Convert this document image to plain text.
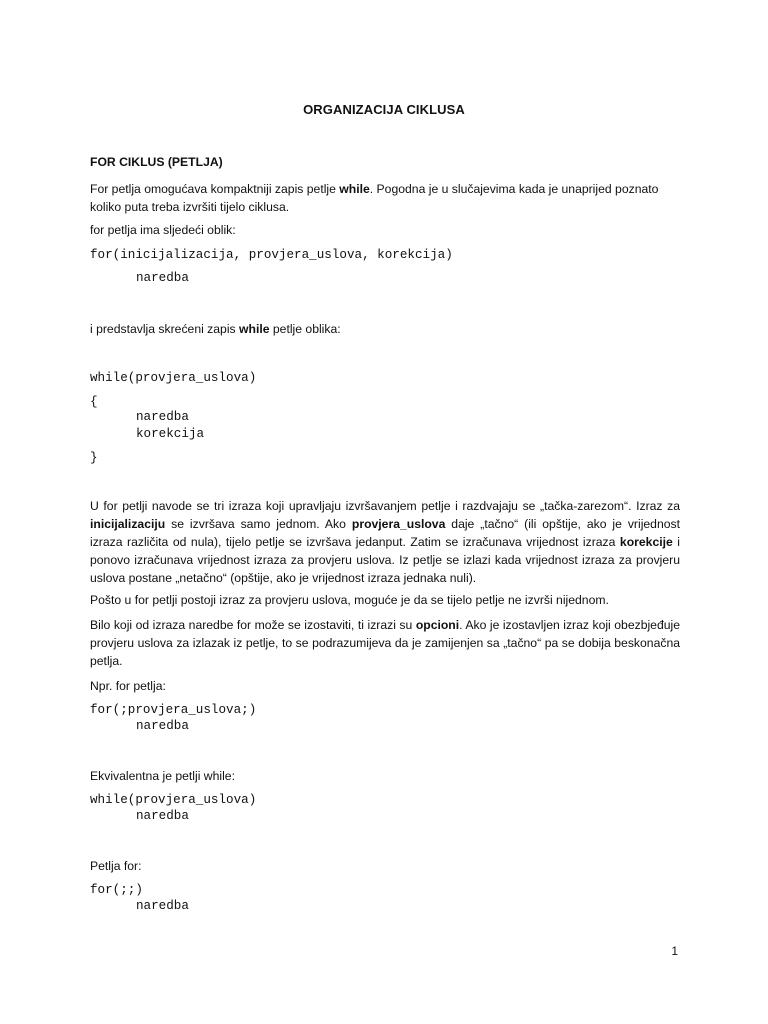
ORGANIZACIJA CIKLUSA

FOR CIKLUS (PETLJA)

For petlja omogućava kompaktniji zapis petlje while. Pogodna je u slučajevima kada je unaprijed poznato koliko puta treba izvršiti tijelo ciklusa.

for petlja ima sljedeći oblik:

for(inicijalizacija, provjera_uslova, korekcija)
naredba

i predstavlja skrećeni zapis while petlje oblika:

while(provjera_uslova)
{
naredba
korekcija
}

U for petlji navode se tri izraza koji upravljaju izvršavanjem petlje i razdvajaju se „tačka-zarezom“. Izraz za inicijalizaciju se izvršava samo jednom. Ako provjera_uslova daje „tačno“ (ili opštije, ako je vrijednost izraza različita od nula), tijelo petlje se izvršava jedanput. Zatim se izračunava vrijednost izraza korekcije i ponovo izračunava vrijednost izraza za provjeru uslova. Iz petlje se izlazi kada vrijednost izraza za provjeru uslova postane „netačno“ (opštije, ako je vrijednost izraza jednaka nuli).

Pošto u for petlji postoji izraz za provjeru uslova, moguće je da se tijelo petlje ne izvrši nijednom.

Bilo koji od izraza naredbe for može se izostaviti, ti izrazi su opcioni. Ako je izostavljen izraz koji obezbjeđuje provjeru uslova za izlazak iz petlje, to se podrazumijeva da je zamijenjen sa „tačno“ pa se dobija beskonačna petlja.

Npr. for petlja:

for(;provjera_uslova;)
naredba

Ekvivalentna je petlji while:

while(provjera_uslova)
naredba

Petlja for:

for(;;)
naredba
1
